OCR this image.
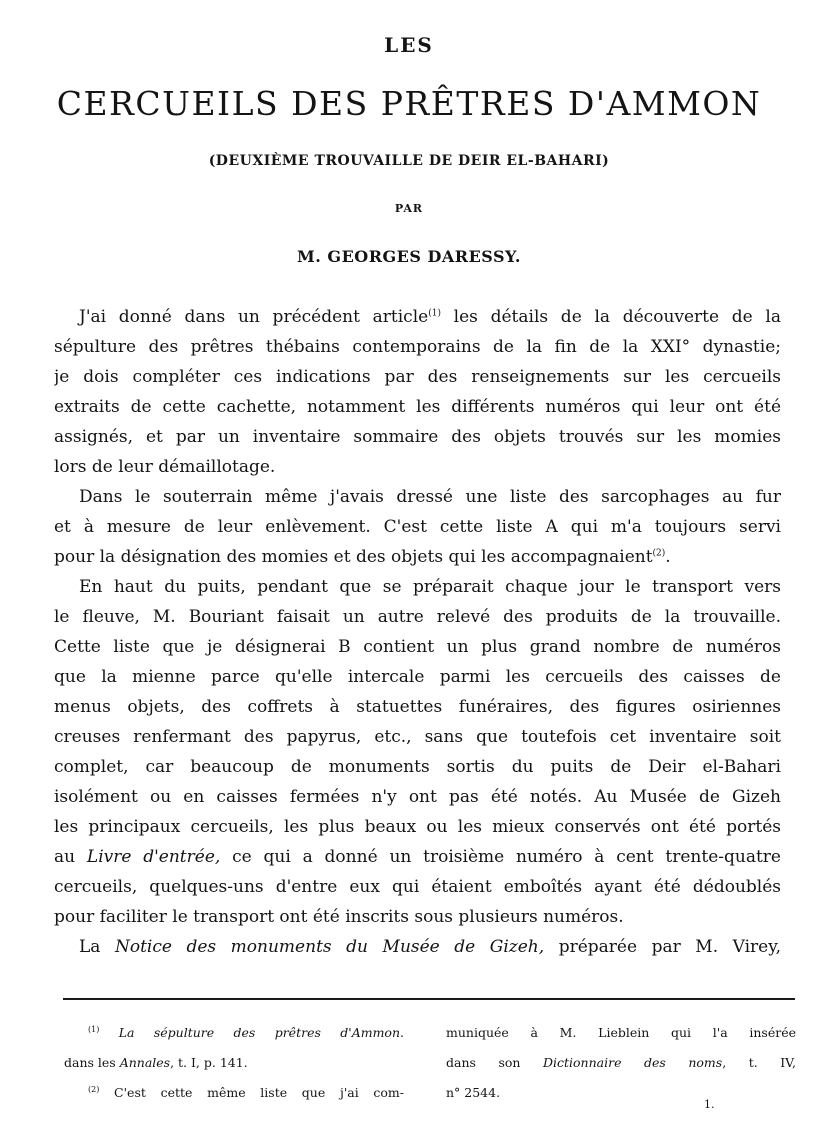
LES
CERCUEILS DES PRÊTRES D'AMMON
(DEUXIÈME TROUVAILLE DE DEIR EL-BAHARI)
PAR
M. GEORGES DARESSY.
J'ai donné dans un précédent article$^{(1)}$ les détails de la découverte de la
sépulture des prêtres thébains contemporains de la fin de la XXI° dynastie;
je dois compléter ces indications par des renseignements sur les cercueils
extraits de cette cachette, notamment les différents numéros qui leur ont été
assignés, et par un inventaire sommaire des objets trouvés sur les momies
lors de leur démaillotage.
Dans le souterrain même j'avais dressé une liste des sarcophages au fur
et à mesure de leur enlèvement. C'est cette liste A qui m'a toujours servi
pour la désignation des momies et des objets qui les accompagnaient$^{(2)}$.
En haut du puits, pendant que se préparait chaque jour le transport vers
le fleuve, M. Bouriant faisait un autre relevé des produits de la trouvaille.
Cette liste que je désignerai B contient un plus grand nombre de numéros
que la mienne parce qu'elle intercale parmi les cercueils des caisses de
menus objets, des coffrets à statuettes funéraires, des figures osiriennes
creuses renfermant des papyrus, etc., sans que toutefois cet inventaire soit
complet, car beaucoup de monuments sortis du puits de Deir el-Bahari
isolément ou en caisses fermées n'y ont pas été notés. Au Musée de Gizeh
les principaux cercueils, les plus beaux ou les mieux conservés ont été portés
au Livre d'entrée, ce qui a donné un troisième numéro à cent trente-quatre
cercueils, quelques-uns d'entre eux qui étaient emboîtés ayant été dédoublés
pour faciliter le transport ont été inscrits sous plusieurs numéros.
La Notice des monuments du Musée de Gizeh, préparée par M. Virey,
$^{(1)}$ La sépulture des prêtres d'Ammon.
dans les Annales, t. I, p. 141.
$^{(2)}$ C'est cette même liste que j'ai com-
muniquée à M. Lieblein qui l'a insérée
dans son Dictionnaire des noms, t. IV,
n° 2544.
1.
